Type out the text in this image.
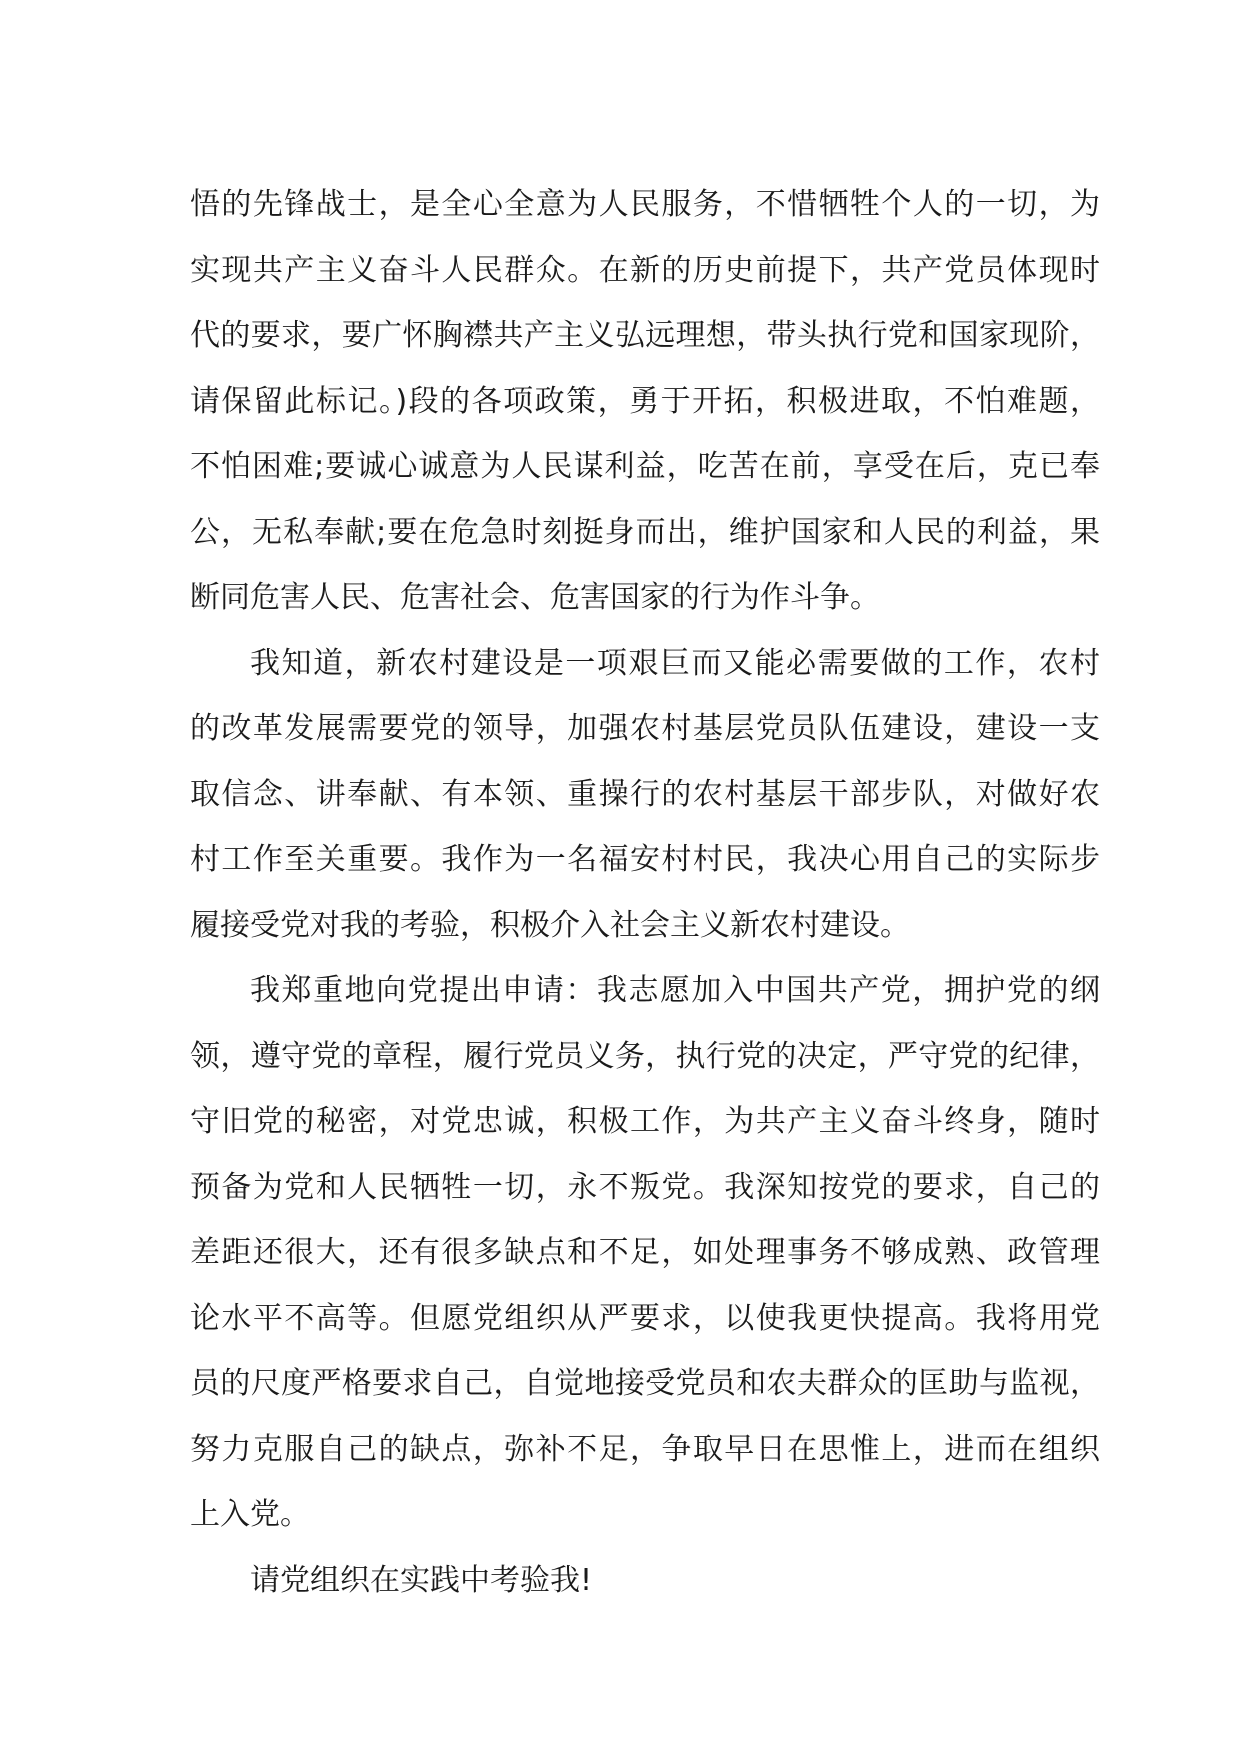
悟的先锋战士，是全心全意为人民服务，不惜牺牲个人的一切，为
实现共产主义奋斗人民群众。在新的历史前提下，共产党员体现时
代的要求，要广怀胸襟共产主义弘远理想，带头执行党和国家现阶，
请保留此标记。)段的各项政策，勇于开拓，积极进取，不怕难题，
不怕困难;要诚心诚意为人民谋利益，吃苦在前，享受在后，克已奉
公，无私奉献;要在危急时刻挺身而出，维护国家和人民的利益，果
断同危害人民、危害社会、危害国家的行为作斗争。
我知道，新农村建设是一项艰巨而又能必需要做的工作，农村
的改革发展需要党的领导，加强农村基层党员队伍建设，建设一支
取信念、讲奉献、有本领、重操行的农村基层干部步队，对做好农
村工作至关重要。我作为一名福安村村民，我决心用自己的实际步
履接受党对我的考验，积极介入社会主义新农村建设。
我郑重地向党提出申请：我志愿加入中国共产党，拥护党的纲
领，遵守党的章程，履行党员义务，执行党的决定，严守党的纪律，
守旧党的秘密，对党忠诚，积极工作，为共产主义奋斗终身，随时
预备为党和人民牺牲一切，永不叛党。我深知按党的要求，自己的
差距还很大，还有很多缺点和不足，如处理事务不够成熟、政管理
论水平不高等。但愿党组织从严要求，以使我更快提高。我将用党
员的尺度严格要求自己，自觉地接受党员和农夫群众的匡助与监视，
努力克服自己的缺点，弥补不足，争取早日在思惟上，进而在组织
上入党。
请党组织在实践中考验我!
